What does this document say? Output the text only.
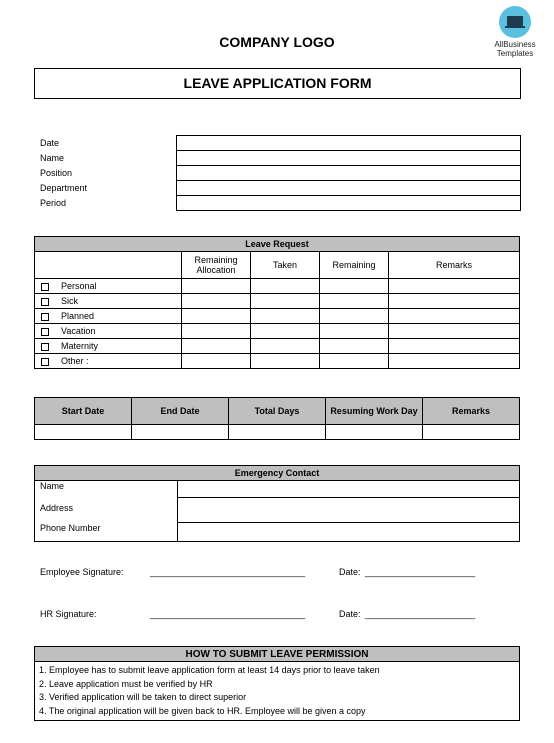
COMPANY LOGO	AllBusiness
Templates
LEAVE APPLICATION FORM
Date
Name
Position
Department
Period

Leave Request				
	Remaining Allocation	Taken	Remaining	Remarks
Personal				
Sick				
Planned				
Vacation				
Maternity				
Other :				
Start Date	End Date	Total Days	Resuming Work Day	Remarks

Emergency Contact	
Name	
Address	
Phone Number	
Employee Signature:	_______________________________	Date: ______________________
HR Signature:	_______________________________	Date: ______________________
HOW TO SUBMIT LEAVE PERMISSION

1. Employee has to submit leave application form at least 14 days prior to leave taken
2. Leave application must be verified by HR
3. Verified application will be taken to direct superior
4. The original application will be given back to HR. Employee will be given a copy
